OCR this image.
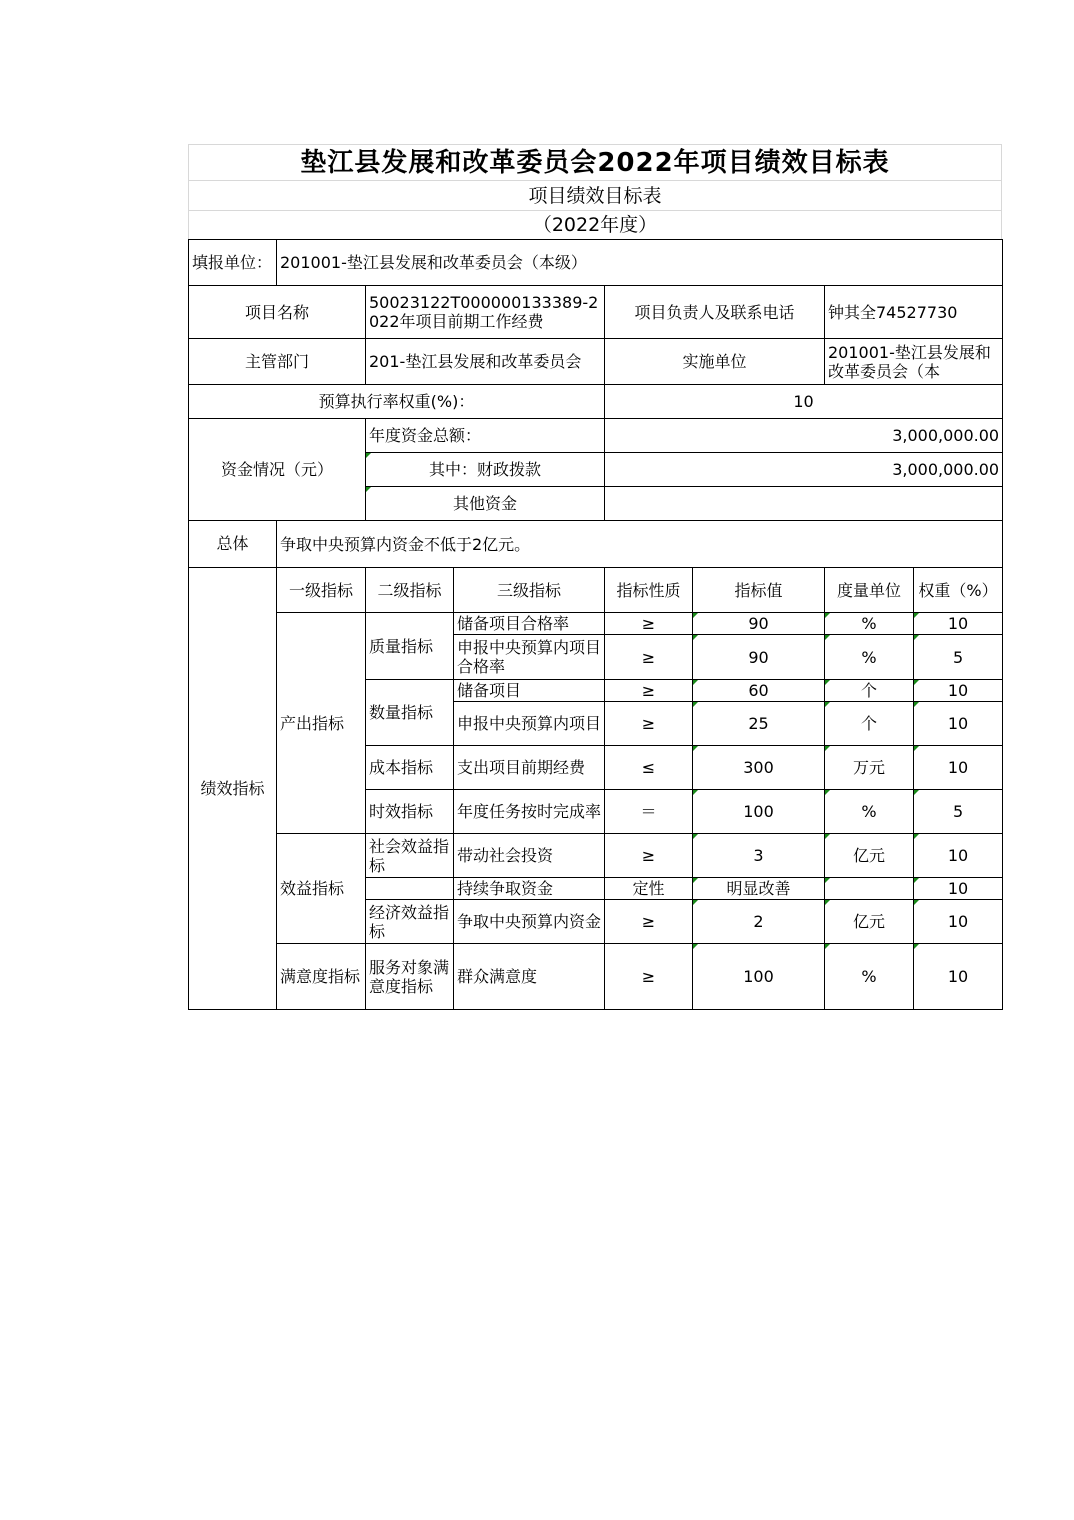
垫江县发展和改革委员会2022年项目绩效目标表
项目绩效目标表
（2022年度）
填报单位：	201001-垫江县发展和改革委员会（本级）						
项目名称		50023122T000000133389-2022年项目前期工作经费		项目负责人及联系电话		钟其全74527730	
主管部门		201-垫江县发展和改革委员会		实施单位		201001-垫江县发展和改革委员会（本	
预算执行率权重(%)：				10			
资金情况（元）		年度资金总额：		3,000,000.00			
		其中：财政拨款		3,000,000.00			
		其他资金					
总体	争取中央预算内资金不低于2亿元。						
绩效指标	一级指标	二级指标	三级指标	指标性质	指标值	度量单位	权重（%）
	产出指标	质量指标	储备项目合格率	≥	90	%	10
			申报中央预算内项目合格率	≥	90	%	5
		数量指标	储备项目	≥	60	个	10
			申报中央预算内项目	≥	25	个	10
		成本指标	支出项目前期经费	≤	300	万元	10
		时效指标	年度任务按时完成率	＝	100	%	5
	效益指标	社会效益指标	带动社会投资	≥	3	亿元	10
			持续争取资金	定性	明显改善		10
		经济效益指标	争取中央预算内资金	≥	2	亿元	10
	满意度指标	服务对象满意度指标	群众满意度	≥	100	%	10
